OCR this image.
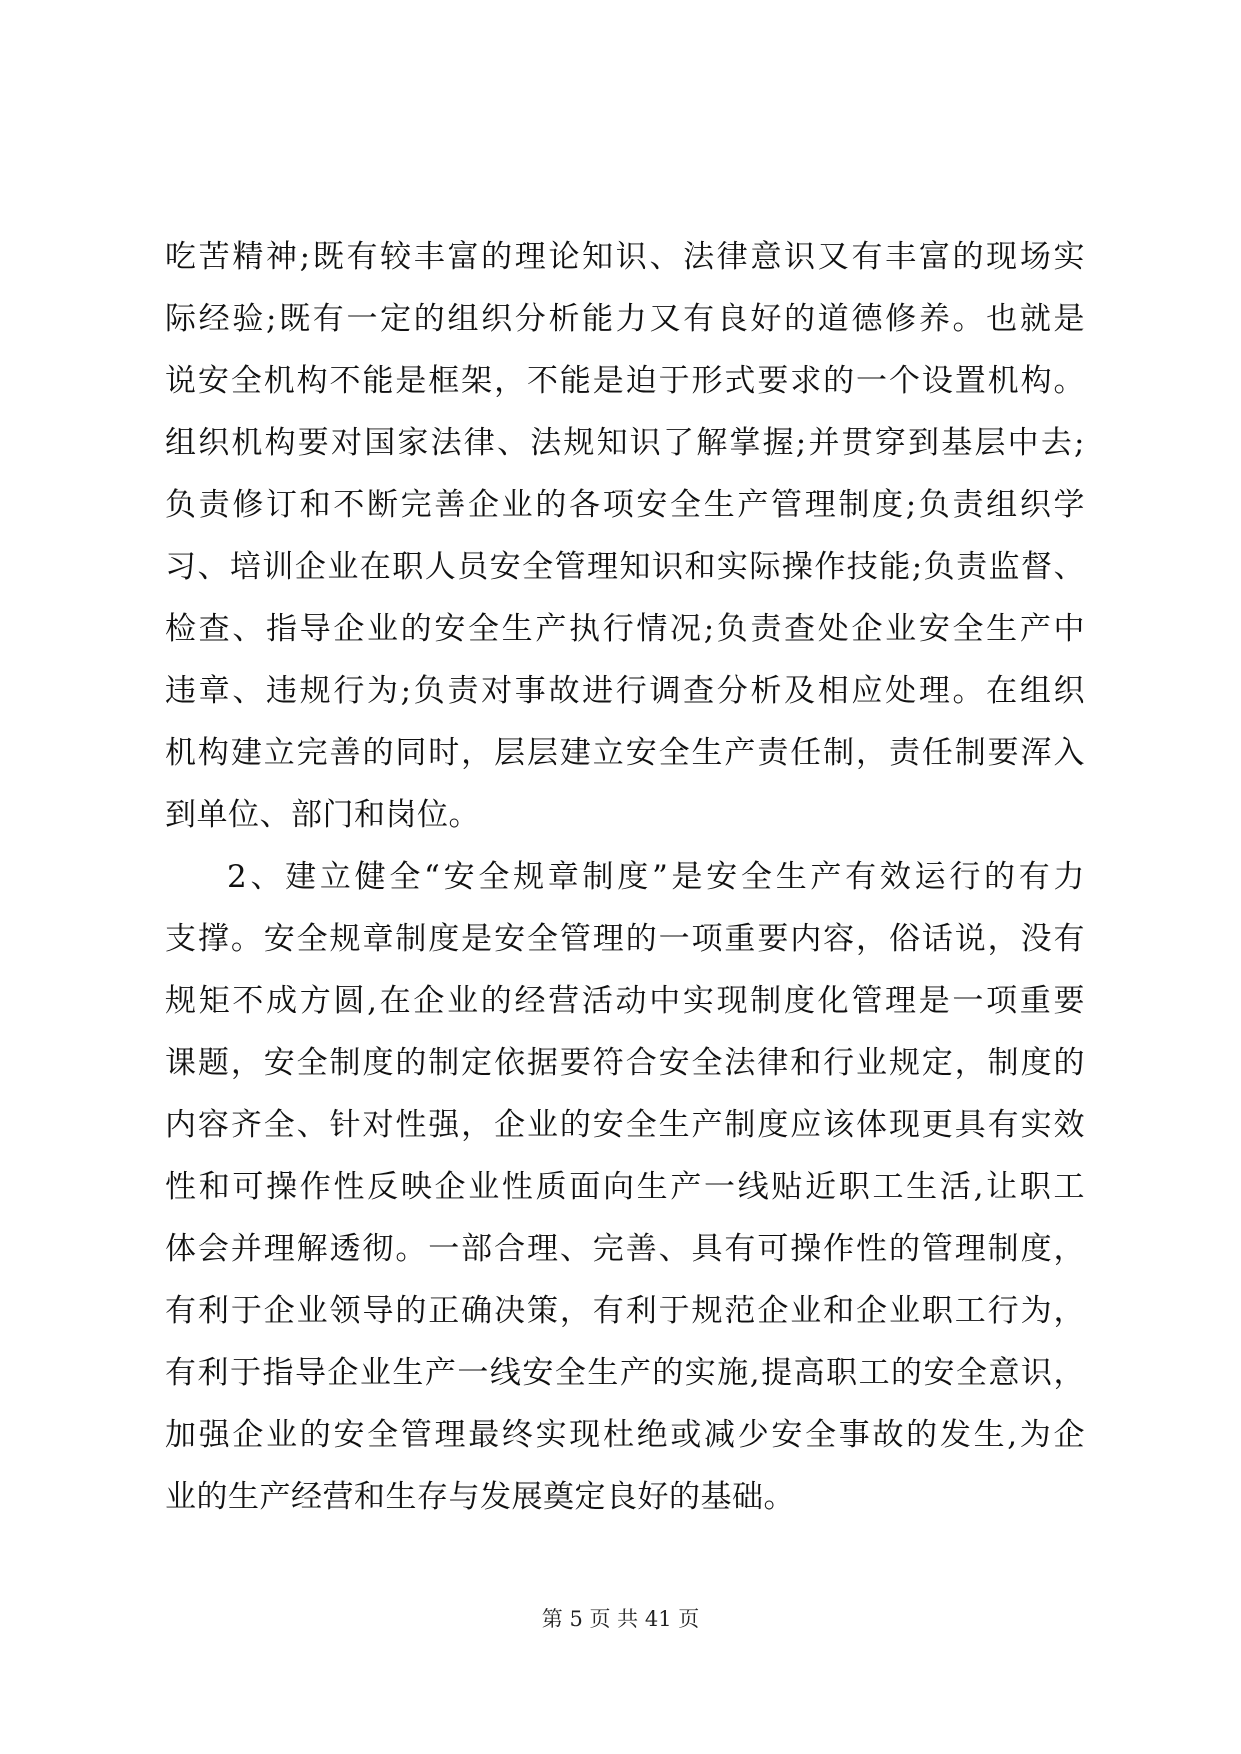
吃苦精神;既有较丰富的理论知识、法律意识又有丰富的现场实
际经验;既有一定的组织分析能力又有良好的道德修养。也就是
说安全机构不能是框架，不能是迫于形式要求的一个设置机构。
组织机构要对国家法律、法规知识了解掌握;并贯穿到基层中去;
负责修订和不断完善企业的各项安全生产管理制度;负责组织学
习、培训企业在职人员安全管理知识和实际操作技能;负责监督、
检查、指导企业的安全生产执行情况;负责查处企业安全生产中
违章、违规行为;负责对事故进行调查分析及相应处理。在组织
机构建立完善的同时，层层建立安全生产责任制，责任制要浑入
到单位、部门和岗位。
2、建立健全“安全规章制度”是安全生产有效运行的有力
支撑。安全规章制度是安全管理的一项重要内容，俗话说，没有
规矩不成方圆,在企业的经营活动中实现制度化管理是一项重要
课题，安全制度的制定依据要符合安全法律和行业规定，制度的
内容齐全、针对性强，企业的安全生产制度应该体现更具有实效
性和可操作性反映企业性质面向生产一线贴近职工生活,让职工
体会并理解透彻。一部合理、完善、具有可操作性的管理制度，
有利于企业领导的正确决策，有利于规范企业和企业职工行为，
有利于指导企业生产一线安全生产的实施,提高职工的安全意识，
加强企业的安全管理最终实现杜绝或减少安全事故的发生,为企
业的生产经营和生存与发展奠定良好的基础。
第 5 页 共 41 页
